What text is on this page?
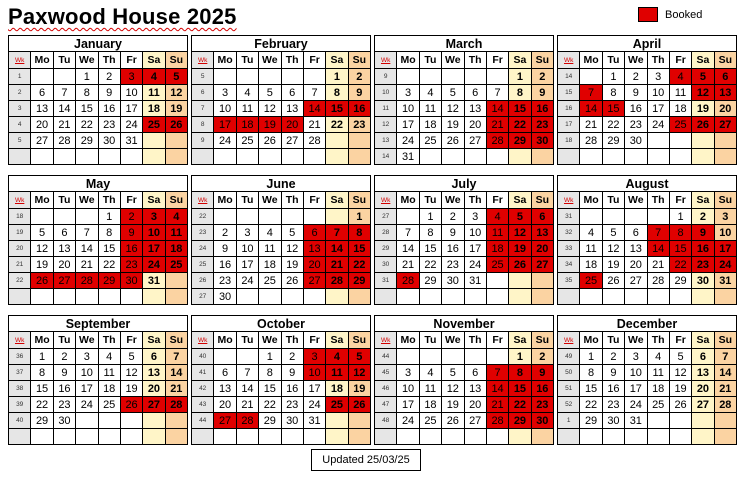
Paxwood House 2025	Booked
January							
Wk	Mo	Tu	We	Th	Fr	Sa	Su
1			1	2	3	4	5
2	6	7	8	9	10	11	12
3	13	14	15	16	17	18	19
4	20	21	22	23	24	25	26
5	27	28	29	30	31		

February							
Wk	Mo	Tu	We	Th	Fr	Sa	Su
5						1	2
6	3	4	5	6	7	8	9
7	10	11	12	13	14	15	16
8	17	18	19	20	21	22	23
9	24	25	26	27	28		

March							
Wk	Mo	Tu	We	Th	Fr	Sa	Su
9						1	2
10	3	4	5	6	7	8	9
11	10	11	12	13	14	15	16
12	17	18	19	20	21	22	23
13	24	25	26	27	28	29	30
14	31						
April							
Wk	Mo	Tu	We	Th	Fr	Sa	Su
14		1	2	3	4	5	6
15	7	8	9	10	11	12	13
16	14	15	16	17	18	19	20
17	21	22	23	24	25	26	27
18	28	29	30				

May							
Wk	Mo	Tu	We	Th	Fr	Sa	Su
18				1	2	3	4
19	5	6	7	8	9	10	11
20	12	13	14	15	16	17	18
21	19	20	21	22	23	24	25
22	26	27	28	29	30	31	

June							
Wk	Mo	Tu	We	Th	Fr	Sa	Su
22							1
23	2	3	4	5	6	7	8
24	9	10	11	12	13	14	15
25	16	17	18	19	20	21	22
26	23	24	25	26	27	28	29
27	30						
July							
Wk	Mo	Tu	We	Th	Fr	Sa	Su
27		1	2	3	4	5	6
28	7	8	9	10	11	12	13
29	14	15	16	17	18	19	20
30	21	22	23	24	25	26	27
31	28	29	30	31			

August							
Wk	Mo	Tu	We	Th	Fr	Sa	Su
31					1	2	3
32	4	5	6	7	8	9	10
33	11	12	13	14	15	16	17
34	18	19	20	21	22	23	24
35	25	26	27	28	29	30	31

September							
Wk	Mo	Tu	We	Th	Fr	Sa	Su
36	1	2	3	4	5	6	7
37	8	9	10	11	12	13	14
38	15	16	17	18	19	20	21
39	22	23	24	25	26	27	28
40	29	30					

October							
Wk	Mo	Tu	We	Th	Fr	Sa	Su
40			1	2	3	4	5
41	6	7	8	9	10	11	12
42	13	14	15	16	17	18	19
43	20	21	22	23	24	25	26
44	27	28	29	30	31		

November							
Wk	Mo	Tu	We	Th	Fr	Sa	Su
44						1	2
45	3	4	5	6	7	8	9
46	10	11	12	13	14	15	16
47	17	18	19	20	21	22	23
48	24	25	26	27	28	29	30

December							
Wk	Mo	Tu	We	Th	Fr	Sa	Su
49	1	2	3	4	5	6	7
50	8	9	10	11	12	13	14
51	15	16	17	18	19	20	21
52	22	23	24	25	26	27	28
1	29	30	31				

Updated 25/03/25
